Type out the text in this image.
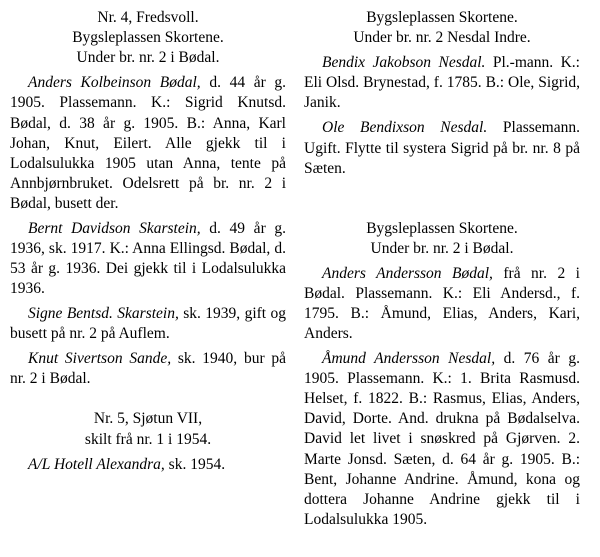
Nr. 4, Fredsvoll.
Bygsleplassen Skortene.
Under br. nr. 2 i Bødal.

Anders Kolbeinson Bødal, d. 44 år g. 1905. Plassemann. K.: Sigrid Knutsd. Bødal, d. 38 år g. 1905. B.: Anna, Karl Johan, Knut, Eilert. Alle gjekk til i Lodalsulukka 1905 utan Anna, tente på Annbjørnbruket. Odelsrett på br. nr. 2 i Bødal, busett der.

Bernt Davidson Skarstein, d. 49 år g. 1936, sk. 1917. K.: Anna Ellingsd. Bødal, d. 53 år g. 1936. Dei gjekk til i Lodalsulukka 1936.

Signe Bentsd. Skarstein, sk. 1939, gift og busett på nr. 2 på Auflem.

Knut Sivertson Sande, sk. 1940, bur på nr. 2 i Bødal.

Nr. 5, Sjøtun VII,
skilt frå nr. 1 i 1954.

A/L Hotell Alexandra, sk. 1954.

Bygsleplassen Skortene.
Under br. nr. 2 Nesdal Indre.

Bendix Jakobson Nesdal. Pl.-mann. K.: Eli Olsd. Brynestad, f. 1785. B.: Ole, Sigrid, Janik.

Ole Bendixson Nesdal. Plassemann. Ugift. Flytte til systera Sigrid på br. nr. 8 på Sæten.

Bygsleplassen Skortene.
Under br. nr. 2 i Bødal.

Anders Andersson Bødal, frå nr. 2 i Bødal. Plassemann. K.: Eli Andersd., f. 1795. B.: Åmund, Elias, Anders, Kari, Anders.

Åmund Andersson Nesdal, d. 76 år g. 1905. Plassemann. K.: 1. Brita Rasmusd. Helset, f. 1822. B.: Rasmus, Elias, Anders, David, Dorte. And. drukna på Bødalselva. David let livet i snøskred på Gjørven. 2. Marte Jonsd. Sæten, d. 64 år g. 1905. B.: Bent, Johanne Andrine. Åmund, kona og dottera Johanne Andrine gjekk til i Lodalsulukka 1905.
